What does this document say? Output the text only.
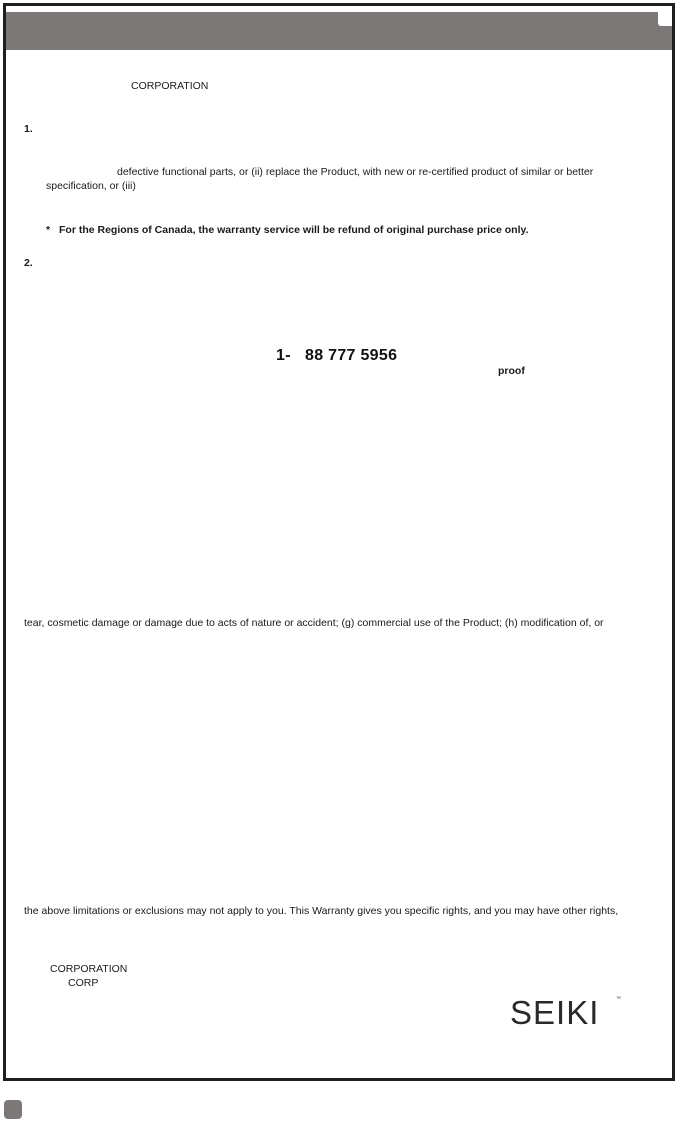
CORPORATION
1.
defective functional parts, or (ii) replace the Product, with new or re-certified product of similar or better
specification, or (iii)
* For the Regions of Canada, the warranty service will be refund of original purchase price only.
2.
1- 88 777 5956
proof
tear, cosmetic damage or damage due to acts of nature or accident; (g) commercial use of the Product; (h) modification of, or
the above limitations or exclusions may not apply to you. This Warranty gives you specific rights, and you may have other rights,
CORPORATION
CORP
SEIKI	™
